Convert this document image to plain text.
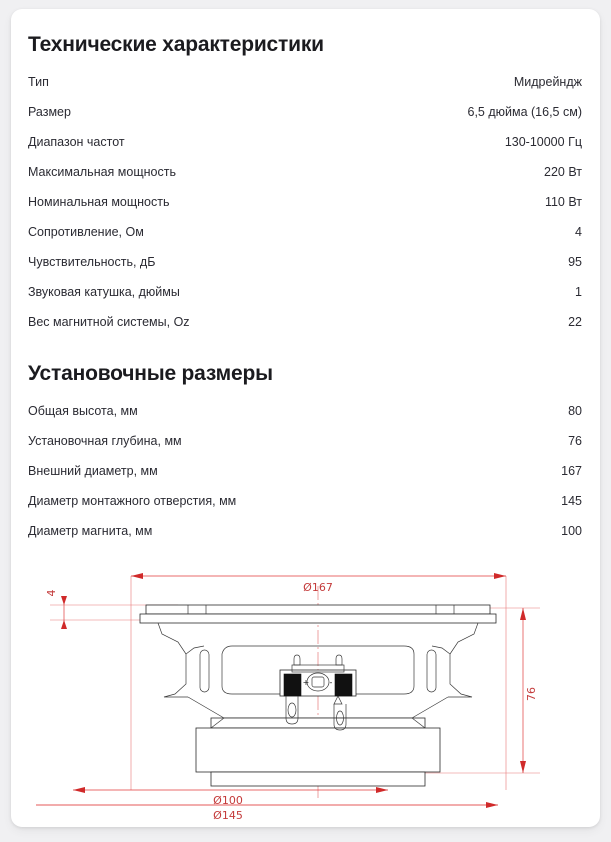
Технические характеристики
Тип	Мидрейндж
Размер	6,5 дюйма (16,5 см)
Диапазон частот	130-10000 Гц
Максимальная мощность	220 Вт
Номинальная мощность	110 Вт
Сопротивление, Ом	4
Чувствительность, дБ	95
Звуковая катушка, дюймы	1
Вес магнитной системы, Oz	22
Установочные размеры
Общая высота, мм	80
Установочная глубина, мм	76
Внешний диаметр, мм	167
Диаметр монтажного отверстия, мм	145
Диаметр магнита, мм	100
Ø167
4
76
+	-
Ø100
Ø145
